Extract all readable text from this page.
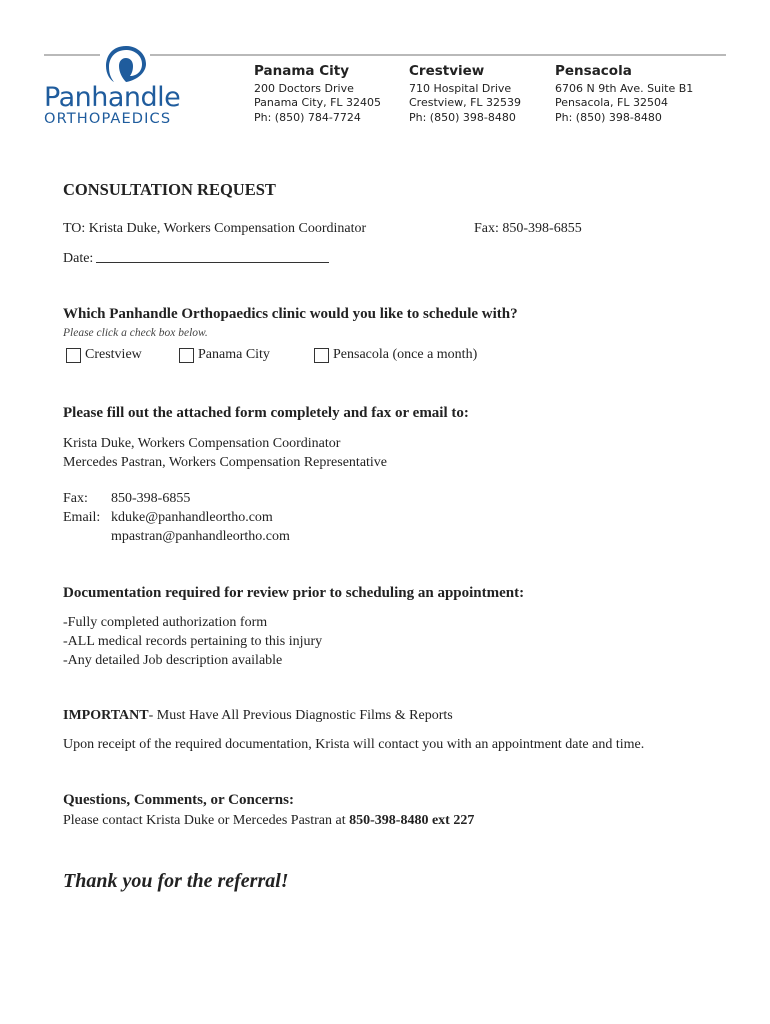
Panhandle
ORTHOPAEDICS
Panama City
200 Doctors Drive
Panama City, FL 32405
Ph: (850) 784-7724
Crestview
710 Hospital Drive
Crestview, FL 32539
Ph: (850) 398-8480
Pensacola
6706 N 9th Ave. Suite B1
Pensacola, FL 32504
Ph: (850) 398-8480
CONSULTATION REQUEST
TO: Krista Duke, Workers Compensation Coordinator	Fax: 850-398-6855
Date:
Which Panhandle Orthopaedics clinic would you like to schedule with?
Please click a check box below.
Crestview	Panama City	Pensacola (once a month)
Please fill out the attached form completely and fax or email to:
Krista Duke, Workers Compensation Coordinator
Mercedes Pastran, Workers Compensation Representative
Fax: 850-398-6855
Email: kduke@panhandleortho.com
mpastran@panhandleortho.com
Documentation required for review prior to scheduling an appointment:
-Fully completed authorization form
-ALL medical records pertaining to this injury
-Any detailed Job description available
IMPORTANT- Must Have All Previous Diagnostic Films & Reports
Upon receipt of the required documentation, Krista will contact you with an appointment date and time.
Questions, Comments, or Concerns:
Please contact Krista Duke or Mercedes Pastran at 850-398-8480 ext 227
Thank you for the referral!
